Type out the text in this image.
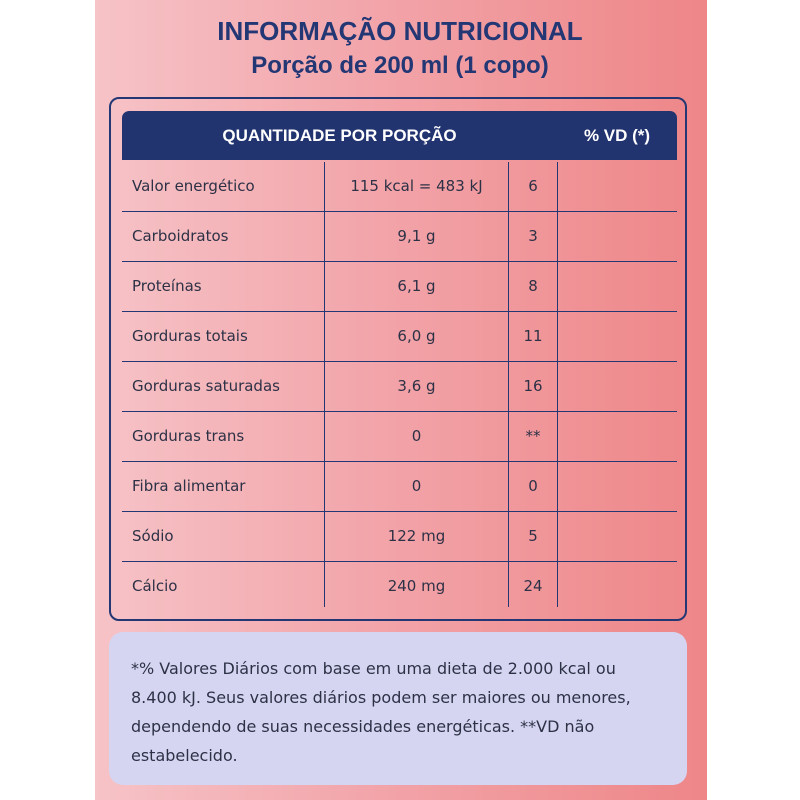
INFORMAÇÃO NUTRICIONAL
Porção de 200 ml (1 copo)
QUANTIDADE POR PORÇÃO	% VD (*)
Valor energético	115 kcal = 483 kJ	6
Carboidratos	9,1 g	3
Proteínas	6,1 g	8
Gorduras totais	6,0 g	11
Gorduras saturadas	3,6 g	16
Gorduras trans	0	**
Fibra alimentar	0	0
Sódio	122 mg	5
Cálcio	240 mg	24
*% Valores Diários com base em uma dieta de 2.000 kcal ou 8.400 kJ. Seus valores diários podem ser maiores ou menores, dependendo de suas necessidades energéticas. **VD não estabelecido.
